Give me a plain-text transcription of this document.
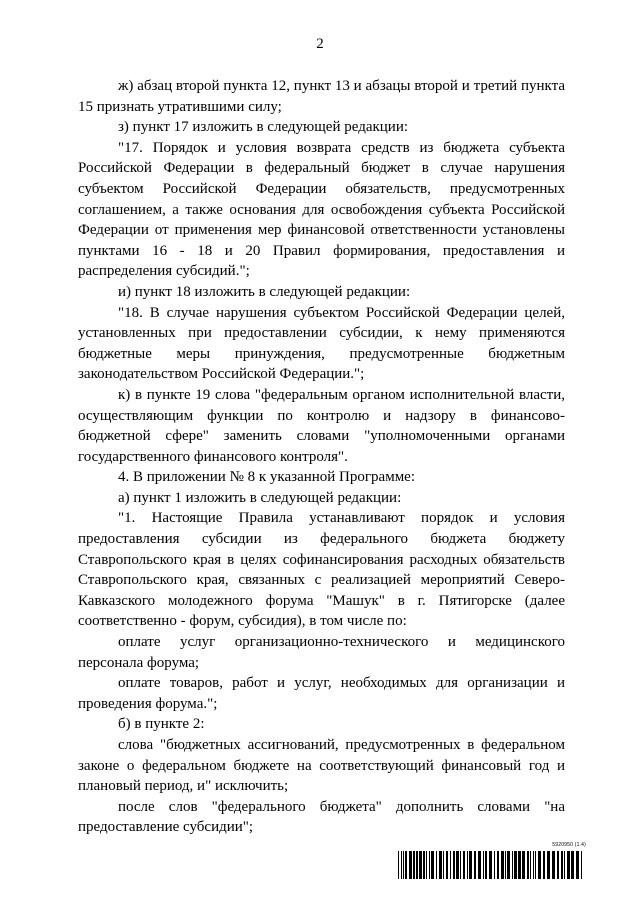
2

ж) абзац второй пункта 12, пункт 13 и абзацы второй и третий пункта 15 признать утратившими силу;

з) пункт 17 изложить в следующей редакции:

"17. Порядок и условия возврата средств из бюджета субъекта Российской Федерации в федеральный бюджет в случае нарушения субъектом Российской Федерации обязательств, предусмотренных соглашением, а также основания для освобождения субъекта Российской Федерации от применения мер финансовой ответственности установлены пунктами 16 - 18 и 20 Правил формирования, предоставления и распределения субсидий.";

и) пункт 18 изложить в следующей редакции:

"18. В случае нарушения субъектом Российской Федерации целей, установленных при предоставлении субсидии, к нему применяются бюджетные меры принуждения, предусмотренные бюджетным законодательством Российской Федерации.";

к) в пункте 19 слова "федеральным органом исполнительной власти, осуществляющим функции по контролю и надзору в финансово-бюджетной сфере" заменить словами "уполномоченными органами государственного финансового контроля".

4. В приложении № 8 к указанной Программе:

а) пункт 1 изложить в следующей редакции:

"1. Настоящие Правила устанавливают порядок и условия предоставления субсидии из федерального бюджета бюджету Ставропольского края в целях софинансирования расходных обязательств Ставропольского края, связанных с реализацией мероприятий Северо-Кавказского молодежного форума "Машук" в г. Пятигорске (далее соответственно - форум, субсидия), в том числе по:

оплате услуг организационно-технического и медицинского персонала форума;

оплате товаров, работ и услуг, необходимых для организации и проведения форума.";

б) в пункте 2:

слова "бюджетных ассигнований, предусмотренных в федеральном законе о федеральном бюджете на соответствующий финансовый год и плановый период, и" исключить;

после слов "федерального бюджета" дополнить словами "на предоставление субсидии";

5920950 (1.4)
